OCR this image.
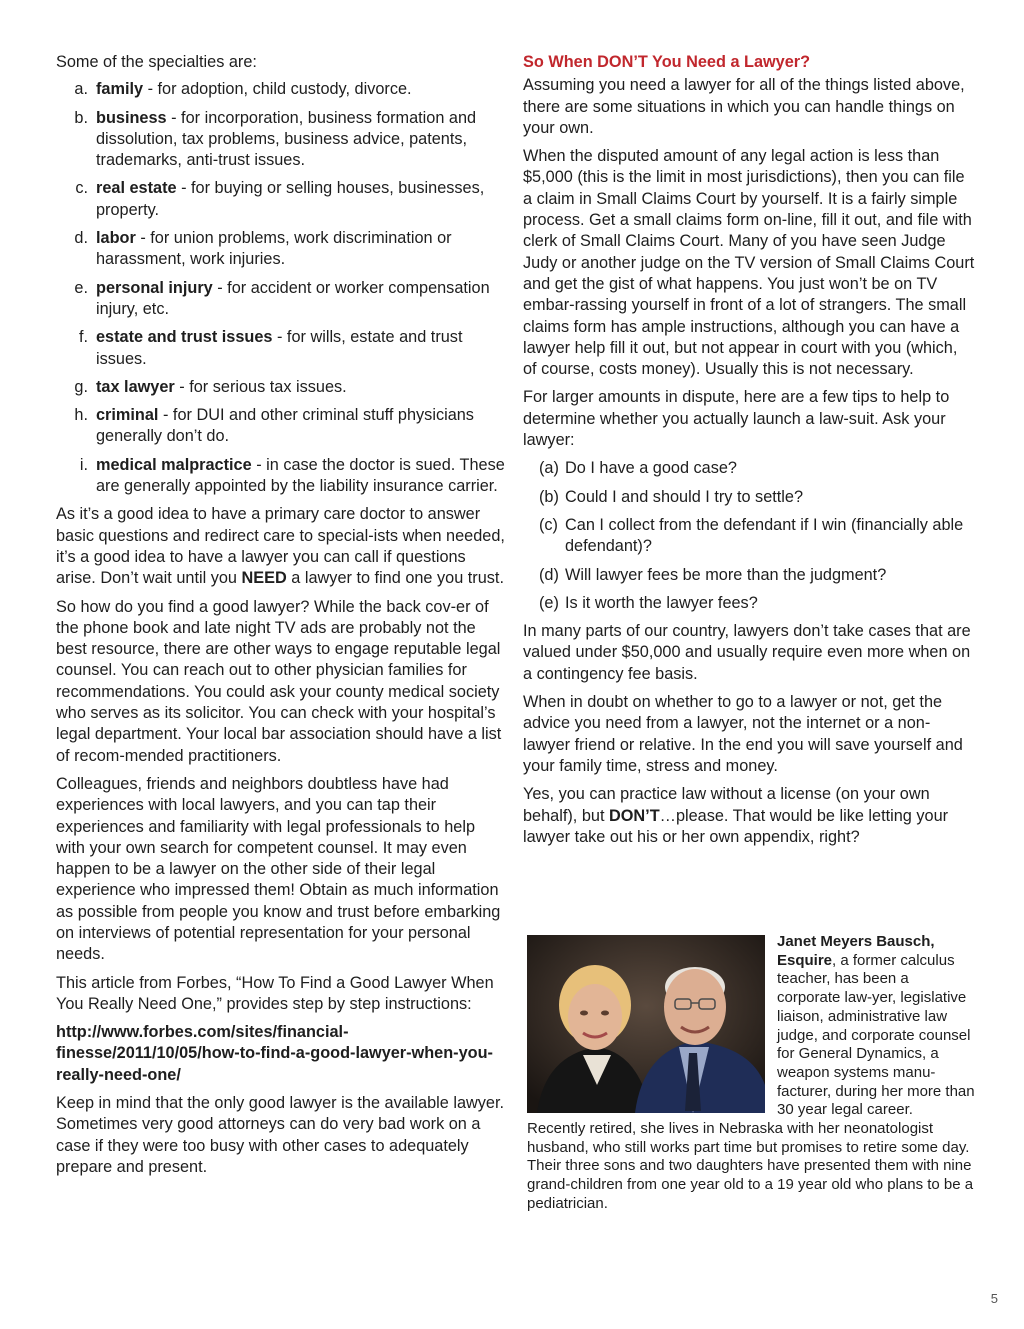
Some of the specialties are:

a. family - for adoption, child custody, divorce.
b. business - for incorporation, business formation and dissolution, tax problems, business advice, patents, trademarks, anti-trust issues.
c. real estate - for buying or selling houses, businesses, property.
d. labor - for union problems, work discrimination or harassment, work injuries.
e. personal injury - for accident or worker compensation injury, etc.
f. estate and trust issues - for wills, estate and trust issues.
g. tax lawyer - for serious tax issues.
h. criminal - for DUI and other criminal stuff physicians generally don’t do.
i. medical malpractice - in case the doctor is sued. These are generally appointed by the liability insurance carrier.

As it’s a good idea to have a primary care doctor to answer basic questions and redirect care to special-ists when needed, it’s a good idea to have a lawyer you can call if questions arise. Don’t wait until you NEED a lawyer to find one you trust.

So how do you find a good lawyer? While the back cov-er of the phone book and late night TV ads are probably not the best resource, there are other ways to engage reputable legal counsel. You can reach out to other physician families for recommendations. You could ask your county medical society who serves as its solicitor. You can check with your hospital’s legal department. Your local bar association should have a list of recom-mended practitioners.

Colleagues, friends and neighbors doubtless have had experiences with local lawyers, and you can tap their experiences and familiarity with legal professionals to help with your own search for competent counsel. It may even happen to be a lawyer on the other side of their legal experience who impressed them! Obtain as much information as possible from people you know and trust before embarking on interviews of potential representation for your personal needs.

This article from Forbes, “How To Find a Good Lawyer When You Really Need One,” provides step by step instructions:

http://www.forbes.com/sites/financial-finesse/2011/10/05/how-to-find-a-good-lawyer-when-you-really-need-one/

Keep in mind that the only good lawyer is the available lawyer. Sometimes very good attorneys can do very bad work on a case if they were too busy with other cases to adequately prepare and present.

So When DON’T You Need a Lawyer?

Assuming you need a lawyer for all of the things listed above, there are some situations in which you can handle things on your own.

When the disputed amount of any legal action is less than $5,000 (this is the limit in most jurisdictions), then you can file a claim in Small Claims Court by yourself. It is a fairly simple process. Get a small claims form on-line, fill it out, and file with clerk of Small Claims Court. Many of you have seen Judge Judy or another judge on the TV version of Small Claims Court and get the gist of what happens. You just won’t be on TV embar-rassing yourself in front of a lot of strangers. The small claims form has ample instructions, although you can have a lawyer help fill it out, but not appear in court with you (which, of course, costs money). Usually this is not necessary.

For larger amounts in dispute, here are a few tips to help to determine whether you actually launch a law-suit. Ask your lawyer:

(a) Do I have a good case?
(b) Could I and should I try to settle?
(c) Can I collect from the defendant if I win (financially able defendant)?
(d) Will lawyer fees be more than the judgment?
(e) Is it worth the lawyer fees?

In many parts of our country, lawyers don’t take cases that are valued under $50,000 and usually require even more when on a contingency fee basis.

When in doubt on whether to go to a lawyer or not, get the advice you need from a lawyer, not the internet or a non-lawyer friend or relative. In the end you will save yourself and your family time, stress and money.

Yes, you can practice law without a license (on your own behalf), but DON’T…please. That would be like letting your lawyer take out his or her own appendix, right?

Janet Meyers Bausch, Esquire, a former calculus teacher, has been a corporate law-yer, legislative liaison, administrative law judge, and corporate counsel for General Dynamics, a weapon systems manu-facturer, during her more than 30 year legal career. Recently retired, she lives in Nebraska with her neonatologist husband, who still works part time but promises to retire some day. Their three sons and two daughters have presented them with nine grand-children from one year old to a 19 year old who plans to be a pediatrician.
5
